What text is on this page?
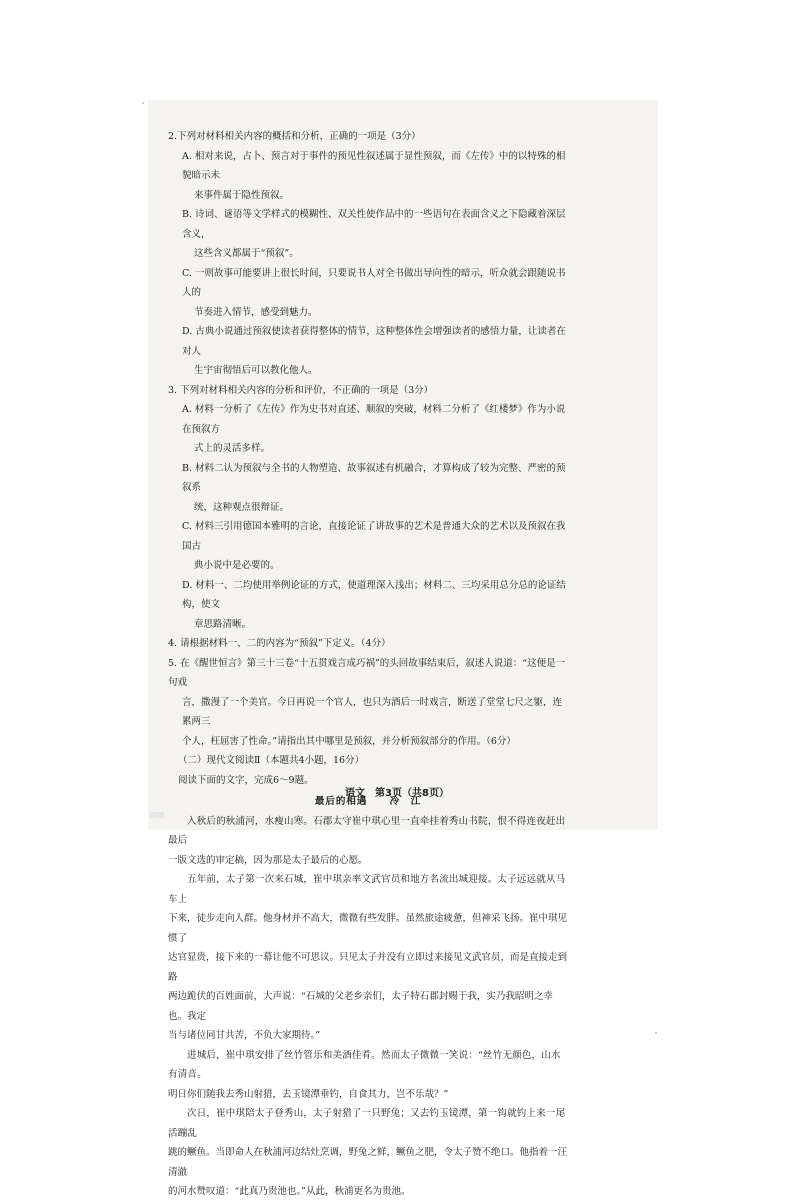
2.下列对材料相关内容的概括和分析，正确的一项是（3分）

A. 相对来说，占卜、预言对于事件的预见性叙述属于显性预叙，而《左传》中的以特殊的相貌暗示未

来事件属于隐性预叙。

B. 诗词、谜语等文学样式的模糊性、双关性使作品中的一些语句在表面含义之下隐藏着深层含义，

这些含义都属于“预叙”。

C. 一则故事可能要讲上很长时间，只要说书人对全书做出导向性的暗示，听众就会跟随说书人的

节奏进入情节，感受到魅力。

D. 古典小说通过预叙使读者获得整体的情节，这种整体性会增强读者的感悟力量，让读者在对人

生宇宙彻悟后可以教化他人。

3. 下列对材料相关内容的分析和评价，不正确的一项是（3分）

A. 材料一分析了《左传》作为史书对直述、顺叙的突破，材料二分析了《红楼梦》作为小说在预叙方

式上的灵活多样。

B. 材料二认为预叙与全书的人物塑造、故事叙述有机融合，才算构成了较为完整、严密的预叙系

统，这种观点很辩证。

C. 材料三引用德国本雅明的言论，直接论证了讲故事的艺术是普通大众的艺术以及预叙在我国古

典小说中是必要的。

D. 材料一、二均使用举例论证的方式，使道理深入浅出；材料二、三均采用总分总的论证结构，使文

章思路清晰。

4. 请根据材料一、二的内容为“预叙”下定义。（4分）

5. 在《醒世恒言》第三十三卷“十五贯戏言成巧祸”的头回故事结束后，叙述人说道：“这便是一句戏

言，撒漫了一个美官。今日再说一个官人，也只为酒后一时戏言，断送了堂堂七尺之躯，连累两三

个人，枉屈害了性命。”请指出其中哪里是预叙，并分析预叙部分的作用。（6分）

（二）现代文阅读Ⅱ（本题共4小题，16分）

阅读下面的文字，完成6～9题。

最后的相遇 冷　江

入秋后的秋浦河，水瘦山寒。石郡太守崔中琪心里一直牵挂着秀山书院，恨不得连夜赶出最后

一版文选的审定稿，因为那是太子最后的心愿。

五年前，太子第一次来石城，崔中琪亲率文武官员和地方名流出城迎接。太子远远就从马车上

下来，徒步走向人群。他身材并不高大，微微有些发胖。虽然旅途疲惫，但神采飞扬。崔中琪见惯了

达官显贵，接下来的一幕让他不可思议。只见太子并没有立即过来接见文武官员，而是直接走到路

两边跪伏的百姓面前，大声说：“石城的父老乡亲们，太子特石郡封赐于我，实乃我昭明之幸也。我定

当与诸位同甘共苦，不负大家期待。”

进城后，崔中琪安排了丝竹管乐和美酒佳肴。然而太子微微一笑说：“丝竹无颜色，山水有清音。

明日你们随我去秀山射猎，去玉镜潭垂钓，自食其力，岂不乐哉？”

次日，崔中琪陪太子登秀山，太子射猎了一只野兔；又去钓玉镜潭，第一钩就钓上来一尾活蹦乱

跳的鳜鱼。当即命人在秋浦河边结灶烹调，野兔之鲜，鳜鱼之肥，令太子赞不绝口。他指着一汪清澈

的河水赞叹道：“此真乃贵池也。”从此，秋浦更名为贵池。

语文　第3页（共8页）
